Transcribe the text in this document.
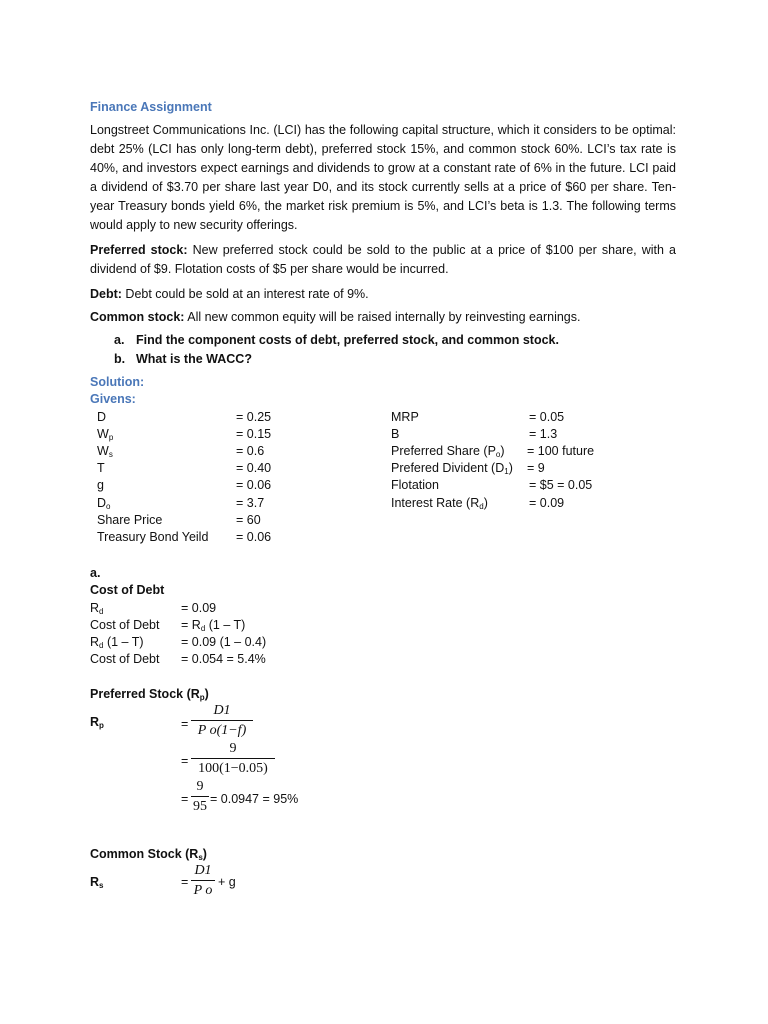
Finance Assignment

Longstreet Communications Inc. (LCI) has the following capital structure, which it considers to be optimal: debt 25% (LCI has only long-term debt), preferred stock 15%, and common stock 60%. LCI’s tax rate is 40%, and investors expect earnings and dividends to grow at a constant rate of 6% in the future. LCI paid a dividend of $3.70 per share last year D0, and its stock currently sells at a price of $60 per share. Ten-year Treasury bonds yield 6%, the market risk premium is 5%, and LCI’s beta is 1.3. The following terms would apply to new security offerings.

Preferred stock: New preferred stock could be sold to the public at a price of $100 per share, with a dividend of $9. Flotation costs of $5 per share would be incurred.

Debt: Debt could be sold at an interest rate of 9%.

Common stock: All new common equity will be raised internally by reinvesting earnings.

a. Find the component costs of debt, preferred stock, and common stock.
b. What is the WACC?
Solution:
Givens:
D	= 0.25
$W_p$	= 0.15
$W_s$	= 0.6
T	= 0.40
g	= 0.06
$D_o$	= 3.7
Share Price	= 60
Treasury Bond Yeild = 0.06
MRP	= 0.05
B	= 1.3
Preferred Share $(P_o) = 100$ future
Prefered Divident $(D_1) = 9$
Flotation	= $5 = 0.05
Interest Rate $(R_d)$	= 0.09
a.
Cost of Debt
$R_d$	= 0.09
Cost of Debt = $R_d$ (1 – T)
$R_d$ (1 – T)	= 0.09 (1 – 0.4)
Cost of Debt = 0.054 = 5.4%
Preferred Stock $(R_p)$
$R_p$	=
D1
P o(1−f)
=
9
100(1−0.05)
=
9
95 = 0.0947 = 95%
Common Stock $(R_s)$
$R_s$	=
D1
P o
+ g
